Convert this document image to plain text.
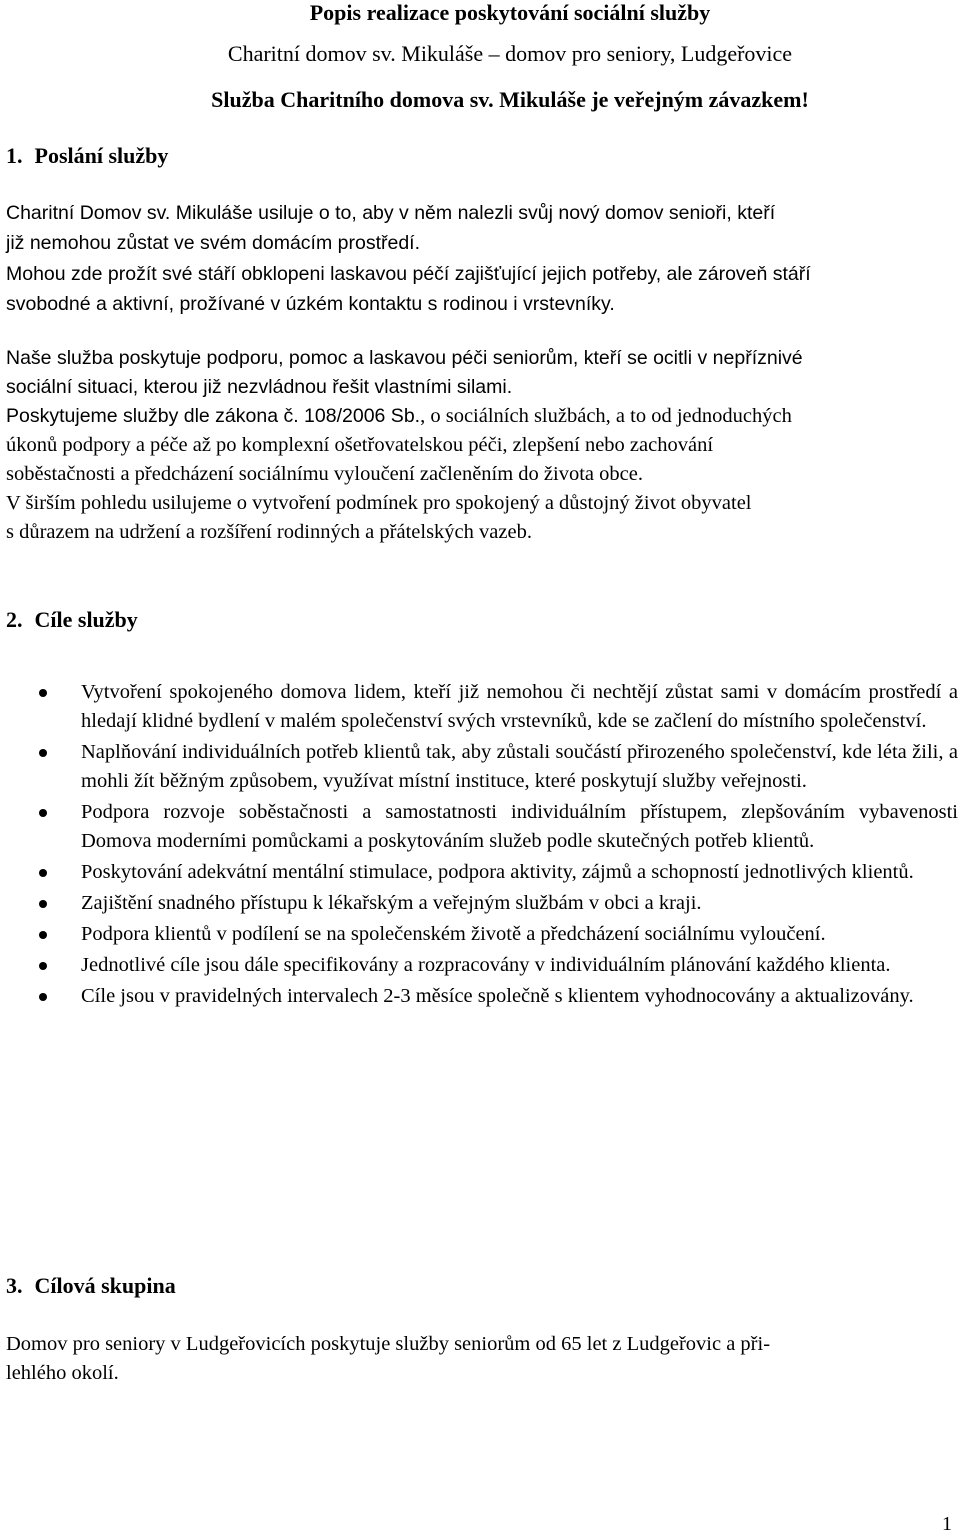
Popis realizace poskytování sociální služby
Charitní domov sv. Mikuláše – domov pro seniory, Ludgeřovice
Služba Charitního domova sv. Mikuláše je veřejným závazkem!
1. Poslání služby

Charitní Domov sv. Mikuláše usiluje o to, aby v něm nalezli svůj nový domov senioři, kteří

již nemohou zůstat ve svém domácím prostředí.

Mohou zde prožít své stáří obklopeni laskavou péčí zajišťující jejich potřeby, ale zároveň stáří

svobodné a aktivní, prožívané v úzkém kontaktu s rodinou i vrstevníky.

Naše služba poskytuje podporu, pomoc a laskavou péči seniorům, kteří se ocitli v nepříznivé

sociální situaci, kterou již nezvládnou řešit vlastními silami.

Poskytujeme služby dle zákona č. 108/2006 Sb., o sociálních službách, a to od jednoduchých

úkonů podpory a péče až po komplexní ošetřovatelskou péči, zlepšení nebo zachování

soběstačnosti a předcházení sociálnímu vyloučení začleněním do života obce.

V širším pohledu usilujeme o vytvoření podmínek pro spokojený a důstojný život obyvatel

s důrazem na udržení a rozšíření rodinných a přátelských vazeb.

2. Cíle služby
Vytvoření spokojeného domova lidem, kteří již nemohou či nechtějí zůstat sami v domácím prostředí a hledají klidné bydlení v malém společenství svých vrstevníků, kde se začlení do místního společenství.
Naplňování individuálních potřeb klientů tak, aby zůstali součástí přirozeného společenství, kde léta žili, a mohli žít běžným způsobem, využívat místní instituce, které poskytují služby veřejnosti.
Podpora rozvoje soběstačnosti a samostatnosti individuálním přístupem, zlepšováním vybavenosti Domova moderními pomůckami a poskytováním služeb podle skutečných potřeb klientů.
Poskytování adekvátní mentální stimulace, podpora aktivity, zájmů a schopností jednotlivých klientů.
Zajištění snadného přístupu k lékařským a veřejným službám v obci a kraji.
Podpora klientů v podílení se na společenském životě a předcházení sociálnímu vyloučení.
Jednotlivé cíle jsou dále specifikovány a rozpracovány v individuálním plánování každého klienta.
Cíle jsou v pravidelných intervalech 2-3 měsíce společně s klientem vyhodnocovány a aktualizovány.
3. Cílová skupina

Domov pro seniory v Ludgeřovicích poskytuje služby seniorům od 65 let z Ludgeřovic a při-

lehlého okolí.

1
